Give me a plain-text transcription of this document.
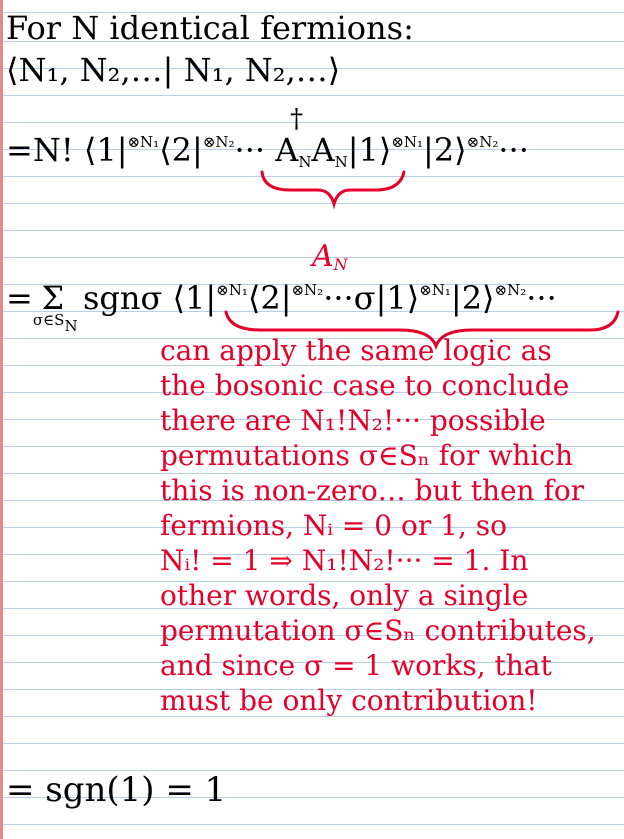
For N identical fermions:
⟨N₁, N₂,…| N₁, N₂,…⟩
=N! $⟨1|^{\otimes N_1}⟨2|^{\otimes N_2}\cdot\cdot\cdot$ $A_NA_N|1⟩^{\otimes N_1}|2⟩^{\otimes N_2}\cdot\cdot\cdot$
†
$A_N$
= Σ
$\sigma\in S_N$
sgnσ $⟨1|^{\otimes N_1}⟨2|^{\otimes N_2}\cdot\cdot\cdot\sigma|1⟩^{\otimes N_1}|2⟩^{\otimes N_2}\cdot\cdot\cdot$
can apply the same logic as
the bosonic case to conclude
there are N₁!N₂!··· possible
permutations σ∈Sₙ for which
this is non-zero… but then for
fermions, Nᵢ = 0 or 1, so
Nᵢ! = 1 ⇒ N₁!N₂!··· = 1. In
other words, only a single
permutation σ∈Sₙ contributes,
and since σ = 1 works, that
must be only contribution!
= sgn(1) = 1
